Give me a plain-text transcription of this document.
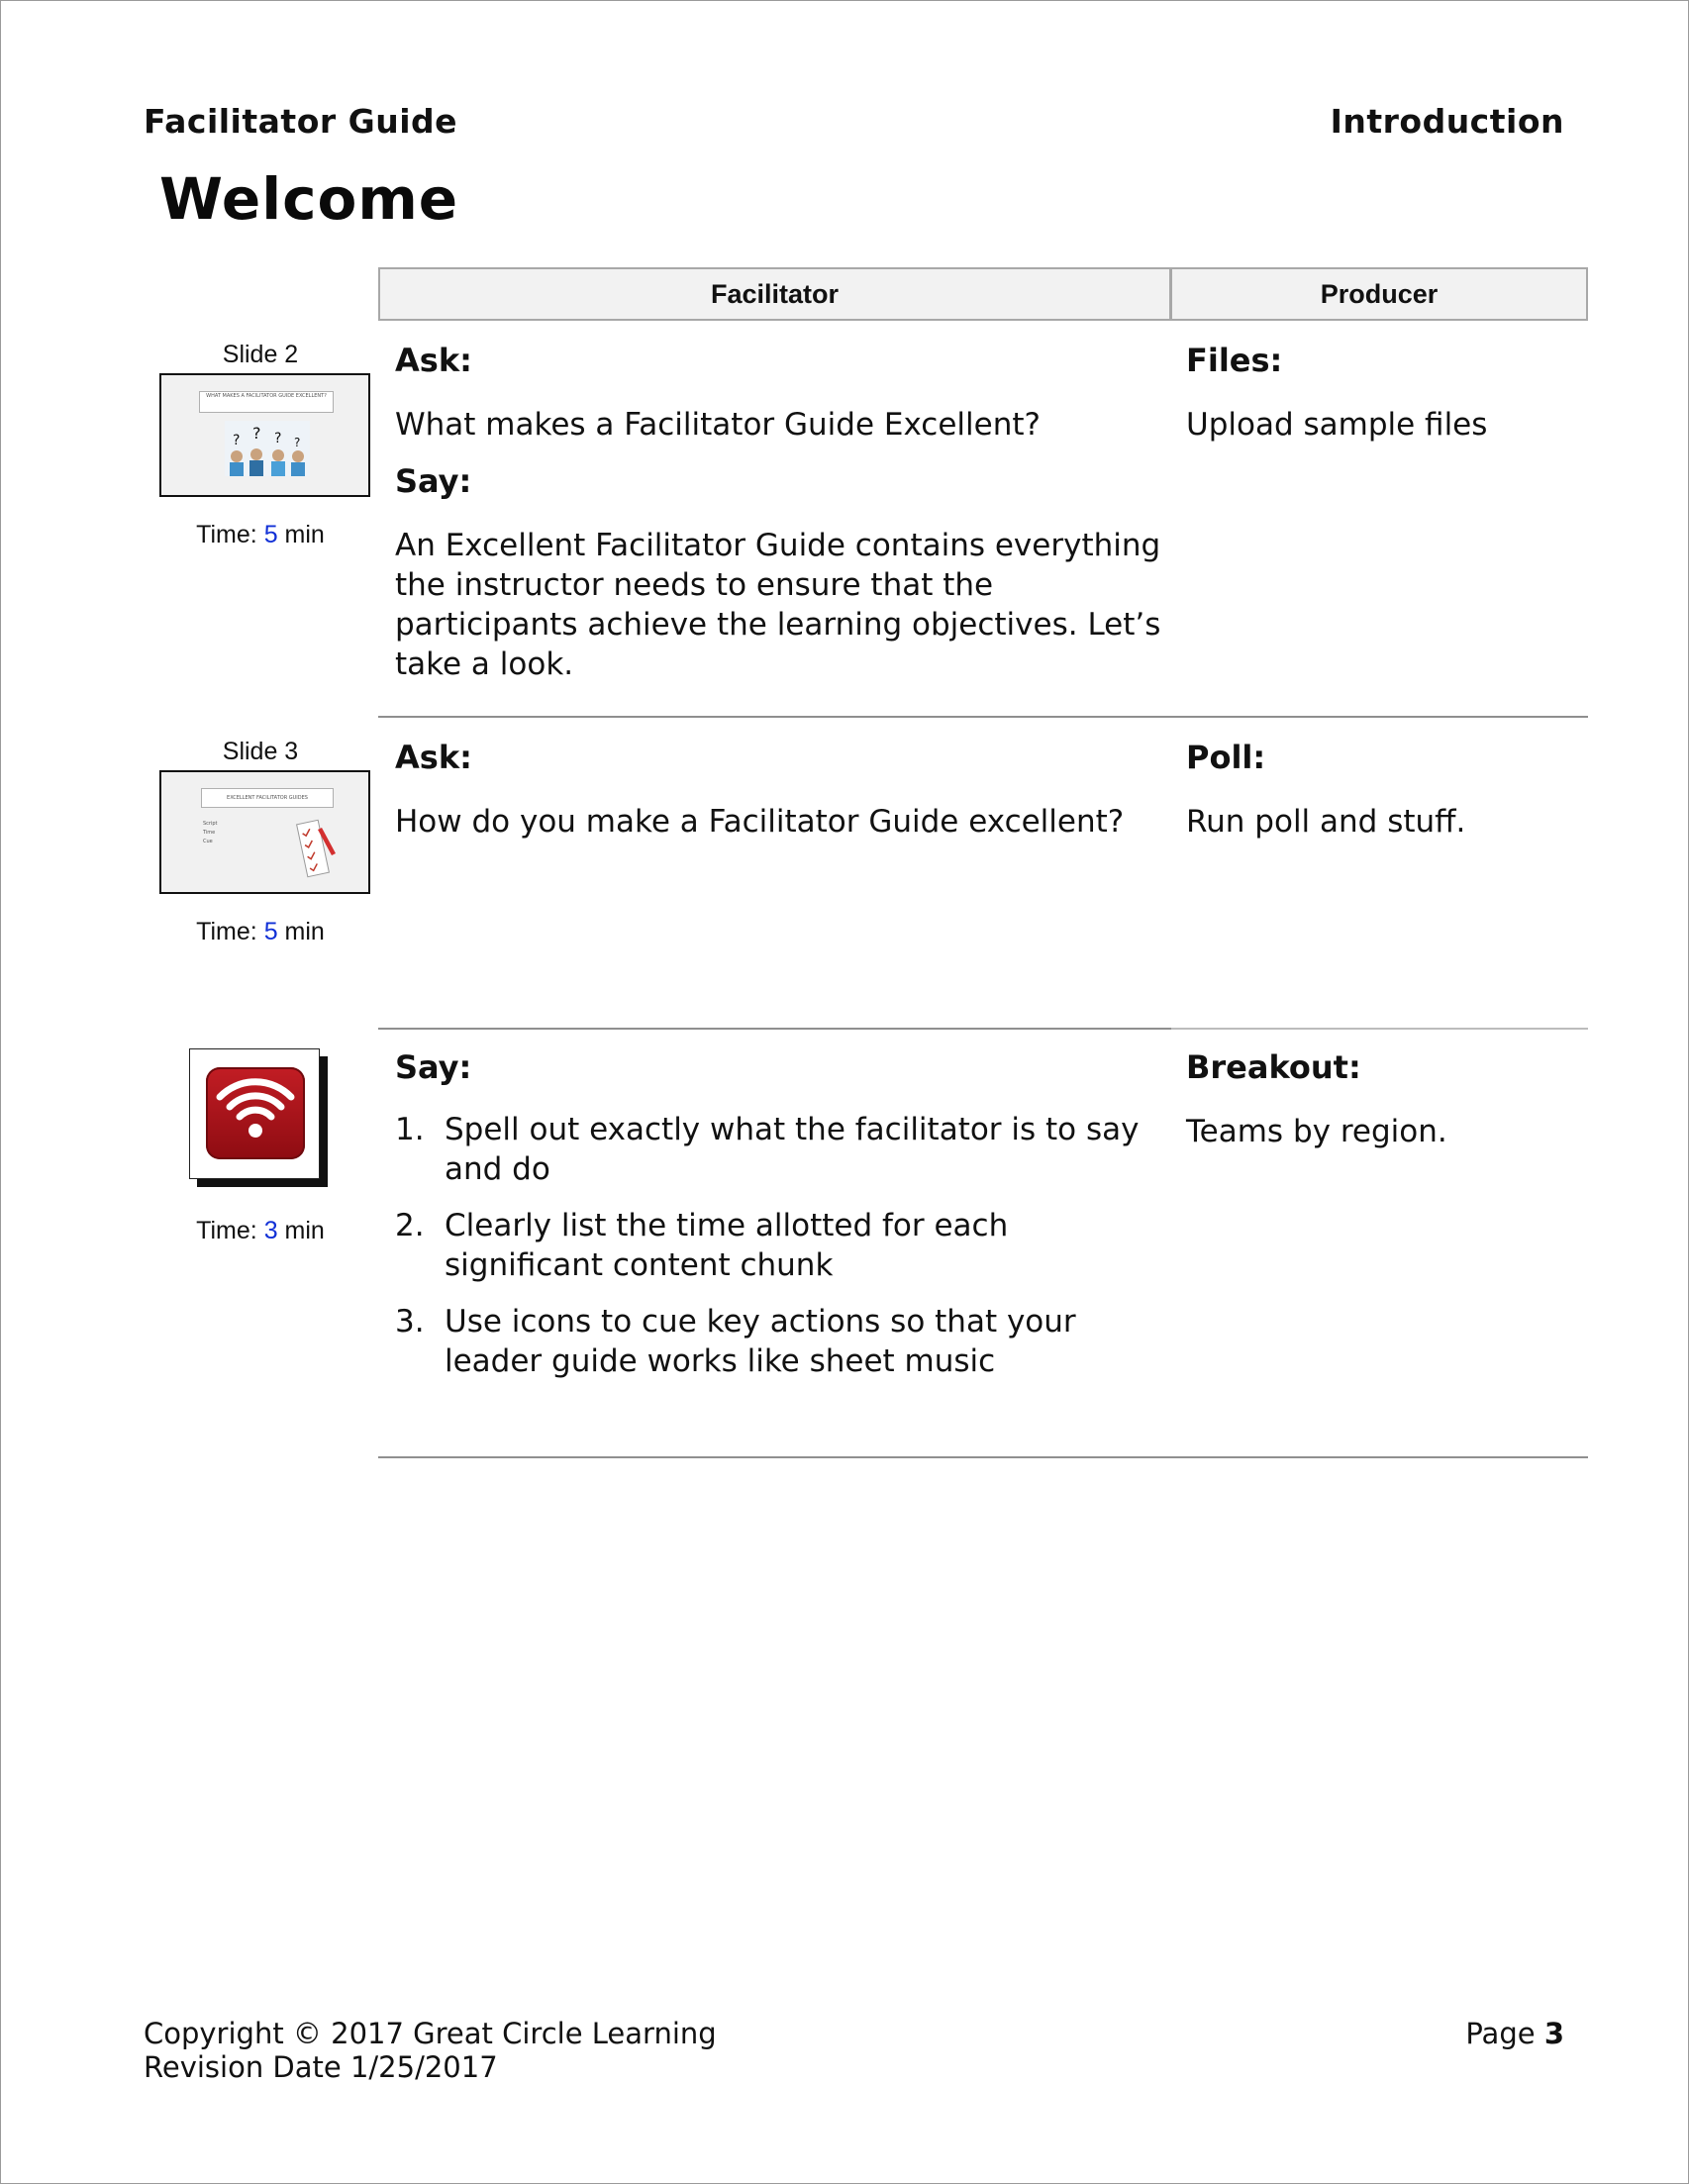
Facilitator Guide	Introduction
Welcome
Facilitator	Producer
Slide 2
WHAT MAKES A FACILITATOR GUIDE EXCELLENT?
? ? ? ?
Time: 5 min
Ask:
What makes a Facilitator Guide Excellent?
Say:
An Excellent Facilitator Guide contains everything the instructor needs to ensure that the participants achieve the learning objectives. Let’s take a look.
Files:
Upload sample files
Slide 3
EXCELLENT FACILITATOR GUIDES
Script
Time
Cue
Time: 5 min
Ask:
How do you make a Facilitator Guide excellent?
Poll:
Run poll and stuff.
Time: 3 min
Say:
1. Spell out exactly what the facilitator is to say and do
2. Clearly list the time allotted for each significant content chunk
3. Use icons to cue key actions so that your leader guide works like sheet music
Breakout:
Teams by region.
Copyright © 2017 Great Circle Learning
Revision Date 1/25/2017
Page 3
